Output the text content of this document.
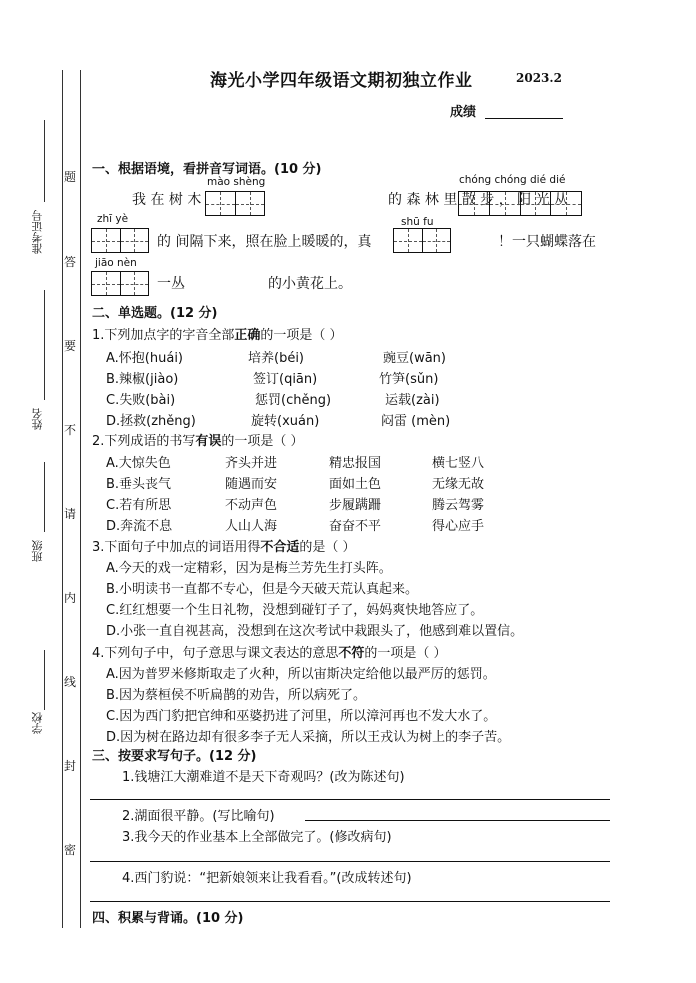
学校
班级
姓名
准考证号
题
答
要
不
请
内
线
封
密
海光小学四年级语文期初独立作业	2023.2
成绩
一、根据语境，看拼音写词语。(10 分)
mào shèng	chóng chóng dié dié
我 在 树 木	的 森 林 里 散 步 ， 阳 光 从
zhī yè	shū fu
的 间隔下来，照在脸上暖暖的，真	！一只蝴蝶落在
jiāo nèn
一丛	的小黄花上。
二、单选题。(12 分)
1.下列加点字的字音全部正确的一项是（ ）
A.怀抱(huái)	培养(béi)	豌豆(wān)
B.辣椒(jiào)	签订(qiān)	竹笋(sǔn)
C.失败(bài)	惩罚(chěng)	运载(zài)
D.拯救(zhěng)	旋转(xuán)	闷雷 (mèn)
2.下列成语的书写有误的一项是（ ）
A.大惊失色	齐头并进	精忠报国	横七竖八
B.垂头丧气	随遇而安	面如土色	无缘无故
C.若有所思	不动声色	步履蹒跚	腾云驾雾
D.奔流不息	人山人海	奋奋不平	得心应手
3.下面句子中加点的词语用得不合适的是（ ）
A.今天的戏一定精彩，因为是梅兰芳先生打头阵。
B.小明读书一直都不专心，但是今天破天荒认真起来。
C.红红想要一个生日礼物，没想到碰钉子了，妈妈爽快地答应了。
D.小张一直自视甚高，没想到在这次考试中栽跟头了，他感到难以置信。
4.下列句子中，句子意思与课文表达的意思不符的一项是（ ）
A.因为普罗米修斯取走了火种，所以宙斯决定给他以最严厉的惩罚。
B.因为蔡桓侯不听扁鹊的劝告，所以病死了。
C.因为西门豹把官绅和巫婆扔进了河里，所以漳河再也不发大水了。
D.因为树在路边却有很多李子无人采摘，所以王戎认为树上的李子苦。
三、按要求写句子。(12 分)
1.钱塘江大潮难道不是天下奇观吗？(改为陈述句)
2.湖面很平静。(写比喻句)
3.我今天的作业基本上全部做完了。(修改病句)
4.西门豹说：“把新娘领来让我看看。”(改成转述句)
四、积累与背诵。(10 分)
